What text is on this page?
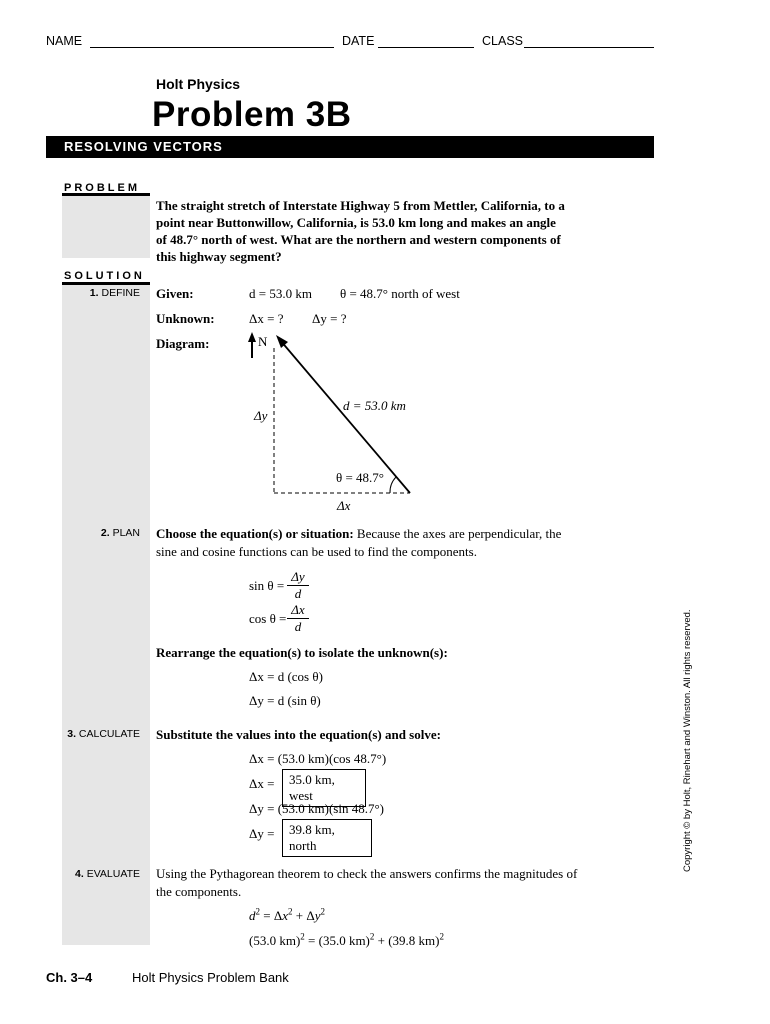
NAME	DATE	CLASS
Holt Physics
Problem 3B
RESOLVING VECTORS
PROBLEM
The straight stretch of Interstate Highway 5 from Mettler, California, to a
point near Buttonwillow, California, is 53.0 km long and makes an angle
of 48.7° north of west. What are the northern and western components of
this highway segment?
SOLUTION
1. DEFINE Given:	d = 53.0 km θ = 48.7° north of west
Unknown:	Δx = ? Δy = ?
Diagram:	N
d = 53.0 km
Δy
θ = 48.7°
Δx
2. PLAN Choose the equation(s) or situation: Because the axes are perpendicular, the
sine and cosine functions can be used to find the components.
$\sin \theta = \frac{\Delta y}{d}$
$\cos \theta = \frac{\Delta x}{d}$
Rearrange the equation(s) to isolate the unknown(s):
Δx = d (cos θ)
Δy = d (sin θ)
3. CALCULATE Substitute the values into the equation(s) and solve:
Δx = (53.0 km)(cos 48.7°)
Δx =	35.0 km, west
Δy = (53.0 km)(sin 48.7°)
Δy =	39.8 km, north
4. EVALUATE Using the Pythagorean theorem to check the answers confirms the magnitudes of
the components.
$d^2 = \Delta x^2 + \Delta y^2$
(53.0 km)$^2$ = (35.0 km)$^2$ + (39.8 km)$^2$
Copyright © by Holt, Rinehart and Winston. All rights reserved.
Ch. 3–4	Holt Physics Problem Bank
